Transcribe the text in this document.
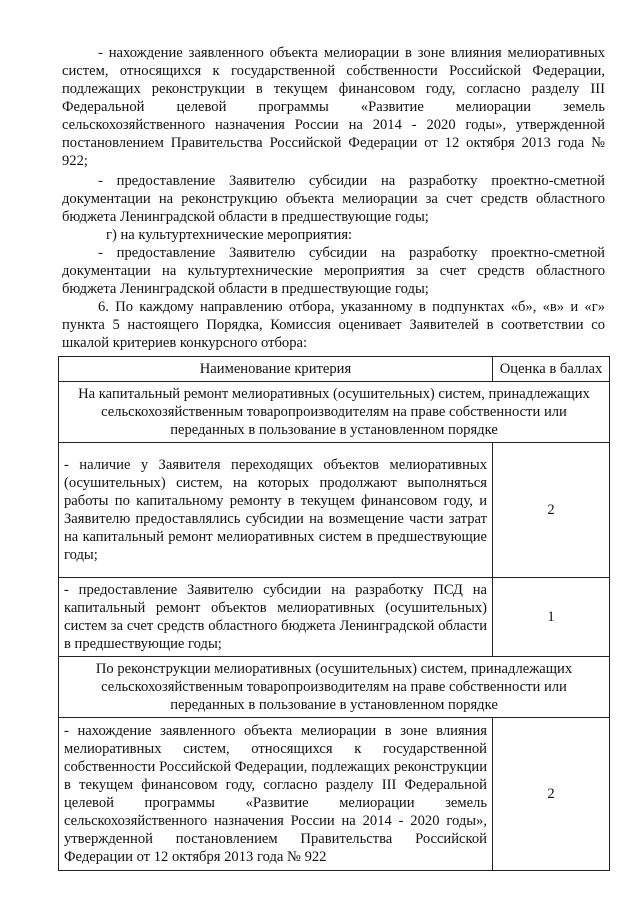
- нахождение заявленного объекта мелиорации в зоне влияния мелиоративных систем, относящихся к государственной собственности Российской Федерации, подлежащих реконструкции в текущем финансовом году, согласно разделу III Федеральной целевой программы «Развитие мелиорации земель сельскохозяйственного назначения России на 2014 - 2020 годы», утвержденной постановлением Правительства Российской Федерации от 12 октября 2013 года № 922;

- предоставление Заявителю субсидии на разработку проектно-сметной документации на реконструкцию объекта мелиорации за счет средств областного бюджета Ленинградской области в предшествующие годы;

г) на культуртехнические мероприятия:

- предоставление Заявителю субсидии на разработку проектно-сметной документации на культуртехнические мероприятия за счет средств областного бюджета Ленинградской области в предшествующие годы;

6. По каждому направлению отбора, указанному в подпунктах «б», «в» и «г» пункта 5 настоящего Порядка, Комиссия оценивает Заявителей в соответствии со шкалой критериев конкурсного отбора:

Наименование критерия	Оценка в баллах
На капитальный ремонт мелиоративных (осушительных) систем, принадлежащих сельскохозяйственным товаропроизводителям на праве собственности или переданных в пользование в установленном порядке	
- наличие у Заявителя переходящих объектов мелиоративных (осушительных) систем, на которых продолжают выполняться работы по капитальному ремонту в текущем финансовом году, и Заявителю предоставлялись субсидии на возмещение части затрат на капитальный ремонт мелиоративных систем в предшествующие годы;	2
- предоставление Заявителю субсидии на разработку ПСД на капитальный ремонт объектов мелиоративных (осушительных) систем за счет средств областного бюджета Ленинградской области в предшествующие годы;	1
По реконструкции мелиоративных (осушительных) систем, принадлежащих сельскохозяйственным товаропроизводителям на праве собственности или переданных в пользование в установленном порядке	
- нахождение заявленного объекта мелиорации в зоне влияния мелиоративных систем, относящихся к государственной собственности Российской Федерации, подлежащих реконструкции в текущем финансовом году, согласно разделу III Федеральной целевой программы «Развитие мелиорации земель сельскохозяйственного назначения России на 2014 - 2020 годы», утвержденной постановлением Правительства Российской Федерации от 12 октября 2013 года № 922	2
